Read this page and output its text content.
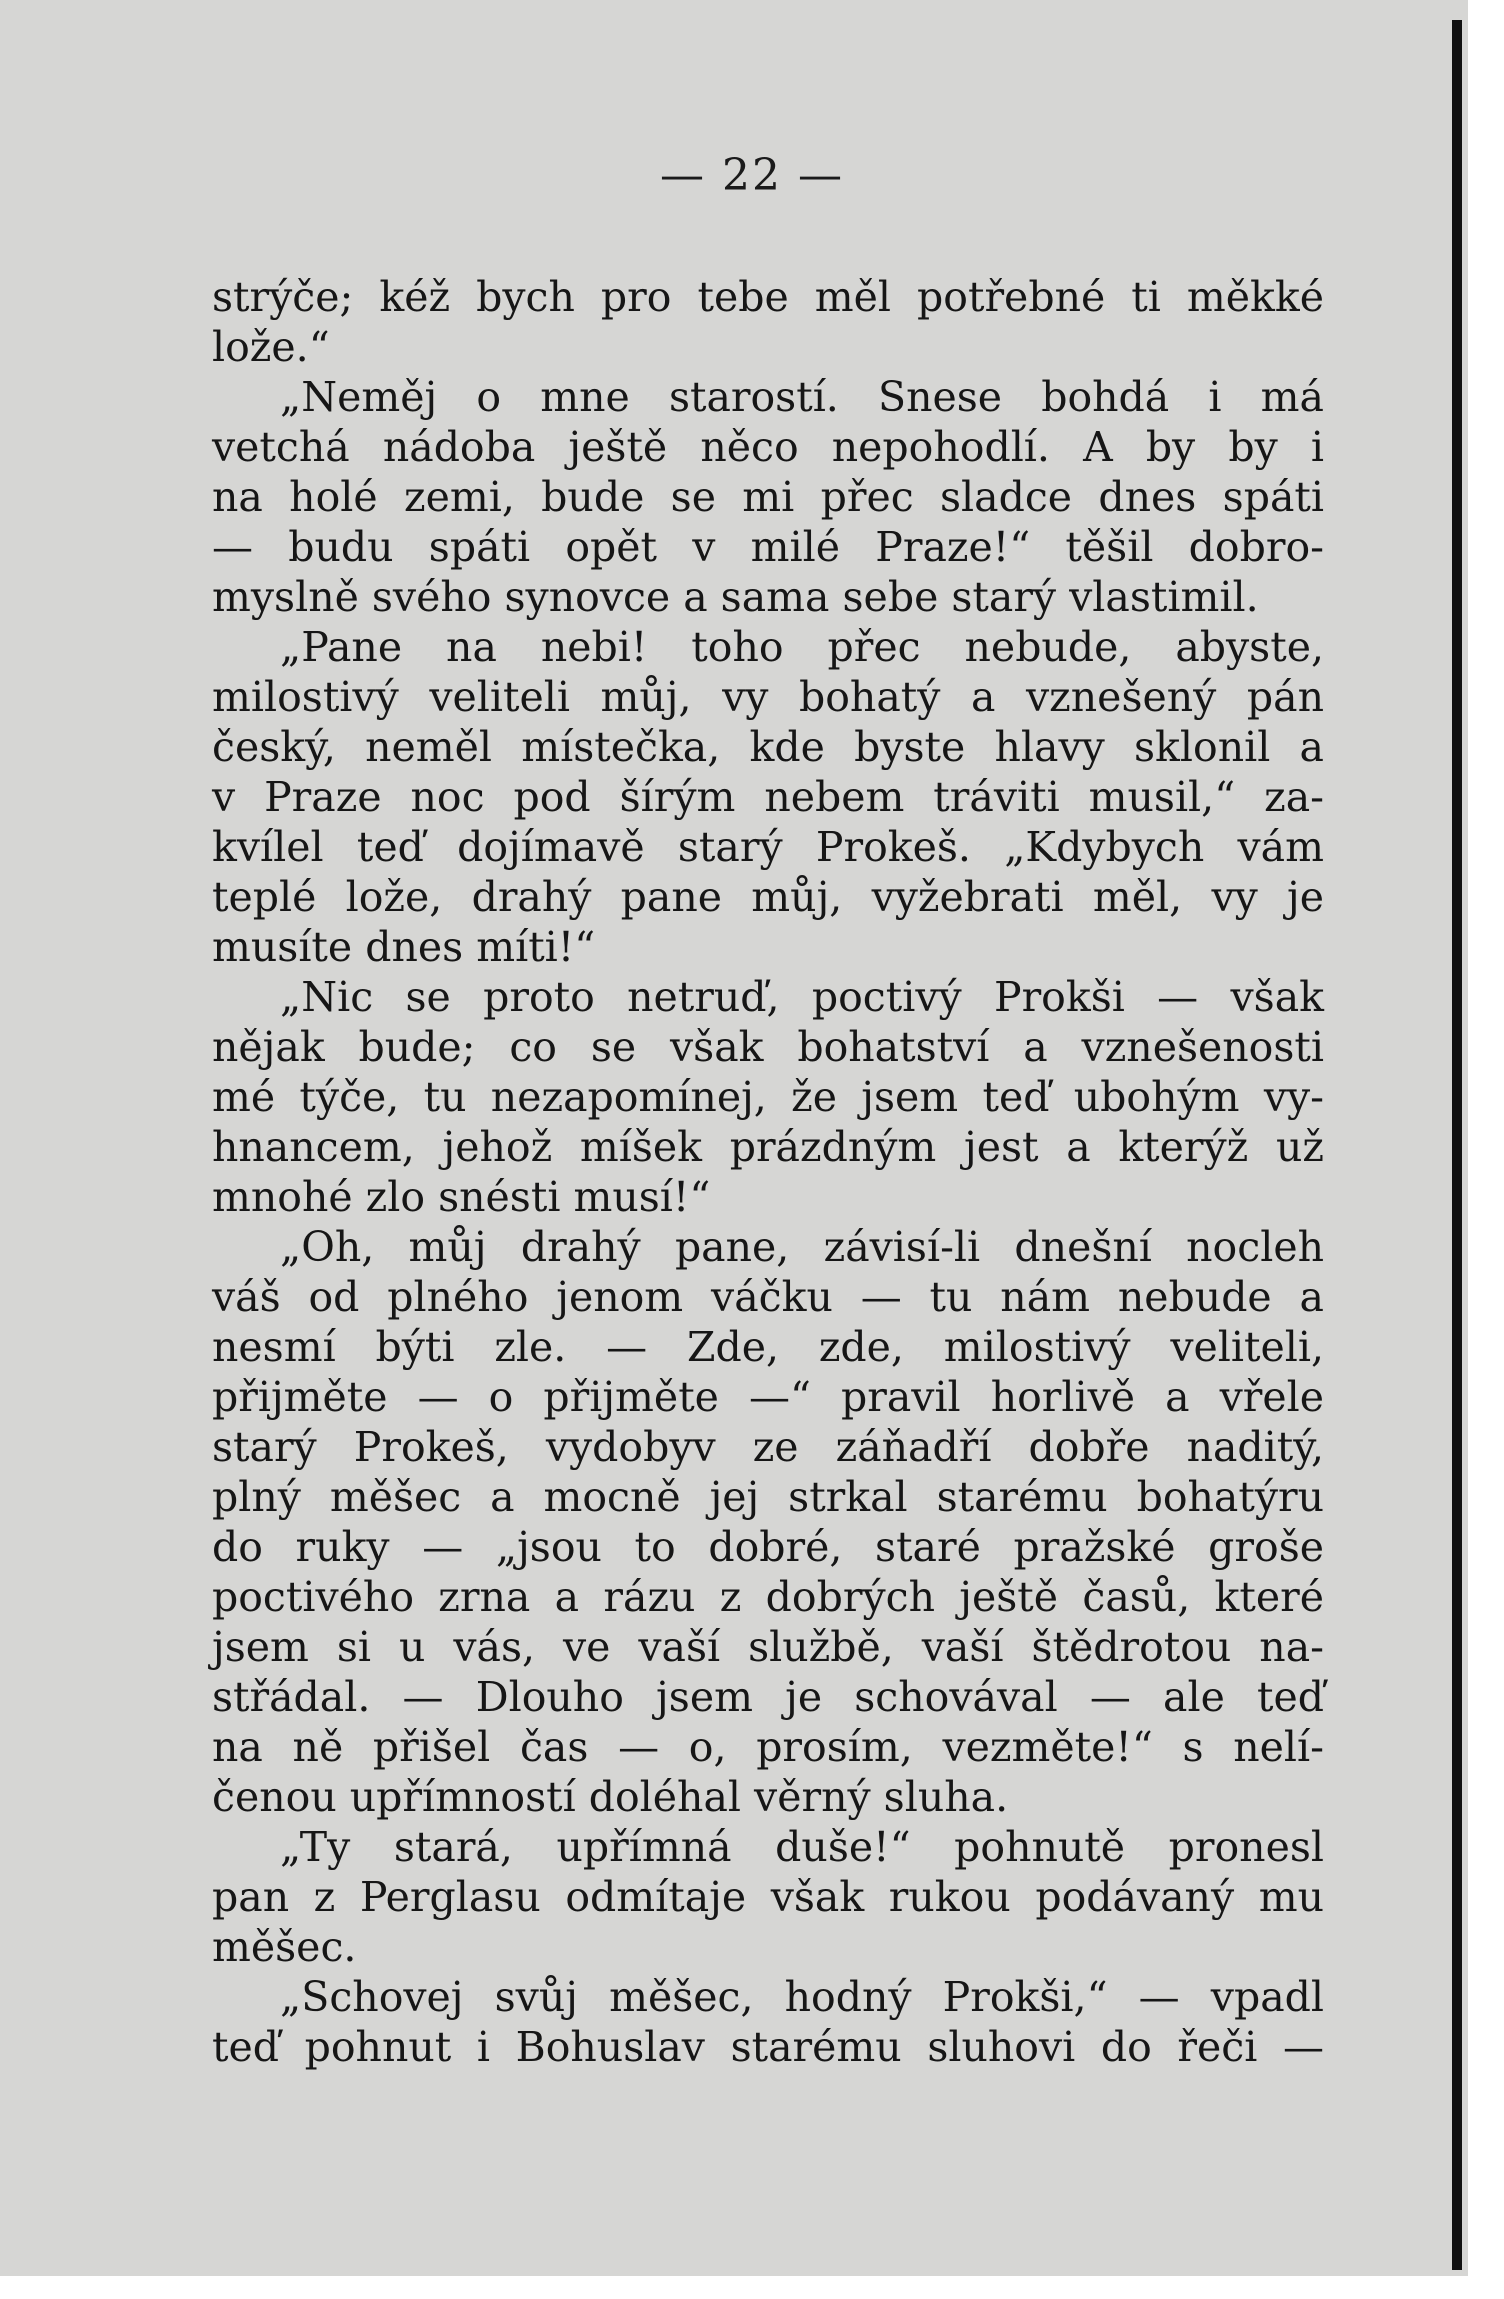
— 22 —
strýče; kéž bych pro tebe měl potřebné ti měkké
lože.“
„Neměj o mne starostí. Snese bohdá i má
vetchá nádoba ještě něco nepohodlí. A by by i
na holé zemi, bude se mi přec sladce dnes spáti
— budu spáti opět v milé Praze!“ těšil dobro-
myslně svého synovce a sama sebe starý vlastimil.
„Pane na nebi! toho přec nebude, abyste,
milostivý veliteli můj, vy bohatý a vznešený pán
český, neměl místečka, kde byste hlavy sklonil a
v Praze noc pod šírým nebem tráviti musil,“ za-
kvílel teď dojímavě starý Prokeš. „Kdybych vám
teplé lože, drahý pane můj, vyžebrati měl, vy je
musíte dnes míti!“
„Nic se proto netruď, poctivý Prokši — však
nějak bude; co se však bohatství a vznešenosti
mé týče, tu nezapomínej, že jsem teď ubohým vy-
hnancem, jehož míšek prázdným jest a kterýž už
mnohé zlo snésti musí!“
„Oh, můj drahý pane, závisí-li dnešní nocleh
váš od plného jenom váčku — tu nám nebude a
nesmí býti zle. — Zde, zde, milostivý veliteli,
přijměte — o přijměte —“ pravil horlivě a vřele
starý Prokeš, vydobyv ze záňadří dobře naditý,
plný měšec a mocně jej strkal starému bohatýru
do ruky — „jsou to dobré, staré pražské groše
poctivého zrna a rázu z dobrých ještě časů, které
jsem si u vás, ve vaší službě, vaší štědrotou na-
střádal. — Dlouho jsem je schovával — ale teď
na ně přišel čas — o, prosím, vezměte!“ s nelí-
čenou upřímností doléhal věrný sluha.
„Ty stará, upřímná duše!“ pohnutě pronesl
pan z Perglasu odmítaje však rukou podávaný mu
měšec.
„Schovej svůj měšec, hodný Prokši,“ — vpadl
teď pohnut i Bohuslav starému sluhovi do řeči —
